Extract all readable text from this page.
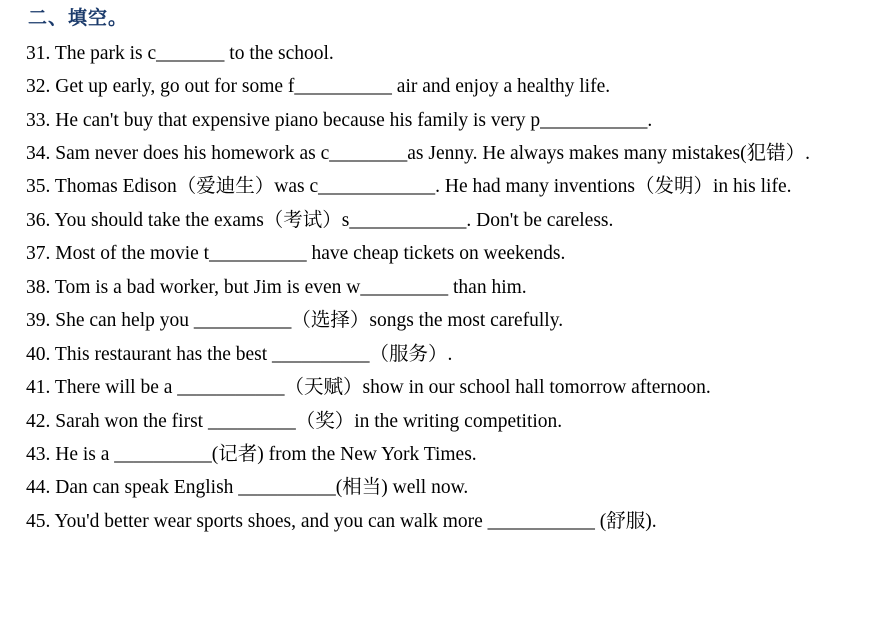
二、填空。
31. The park is c_______ to the school.
32. Get up early, go out for some f__________ air and enjoy a healthy life.
33. He can't buy that expensive piano because his family is very p___________.
34. Sam never does his homework as c________as Jenny. He always makes many mistakes(犯错）.
35. Thomas Edison（爱迪生）was c____________. He had many inventions（发明）in his life.
36. You should take the exams（考试）s____________. Don't be careless.
37. Most of the movie t__________ have cheap tickets on weekends.
38. Tom is a bad worker, but Jim is even w_________ than him.
39. She can help you __________（选择）songs the most carefully.
40. This restaurant has the best __________（服务）.
41. There will be a ___________（天赋）show in our school hall tomorrow afternoon.
42. Sarah won the first _________（奖）in the writing competition.
43. He is a __________(记者) from the New York Times.
44. Dan can speak English __________(相当) well now.
45. You'd better wear sports shoes, and you can walk more ___________ (舒服).
